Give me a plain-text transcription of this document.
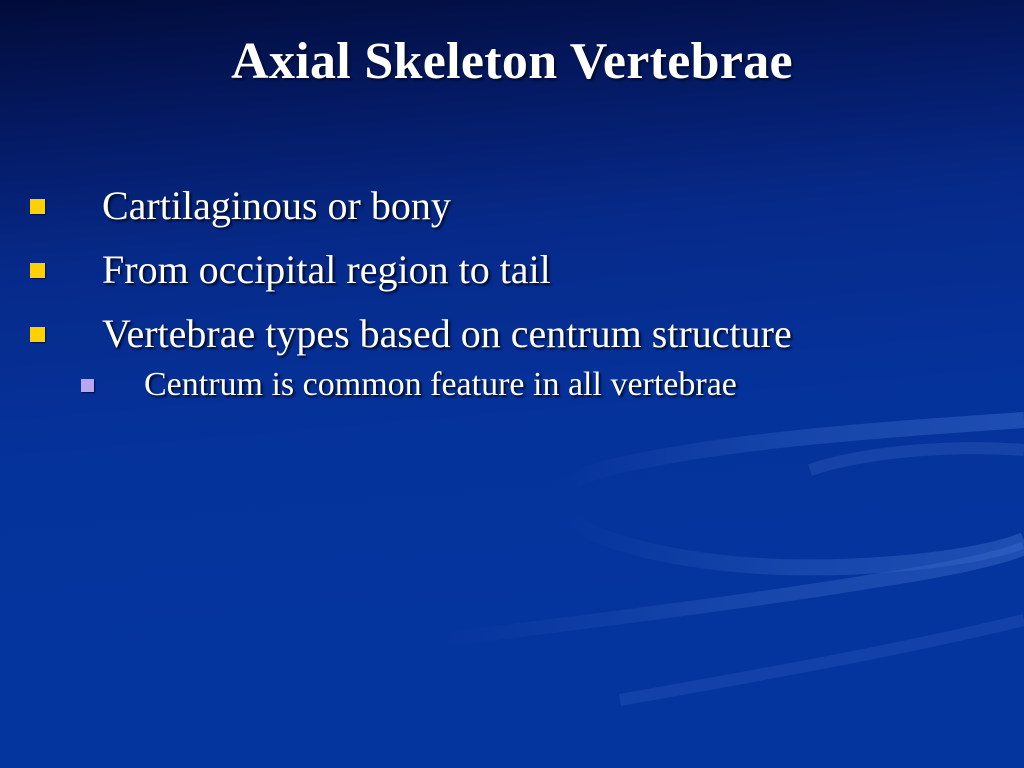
Axial Skeleton Vertebrae
Cartilaginous or bony
From occipital region to tail
Vertebrae types based on centrum structure
Centrum is common feature in all vertebrae
